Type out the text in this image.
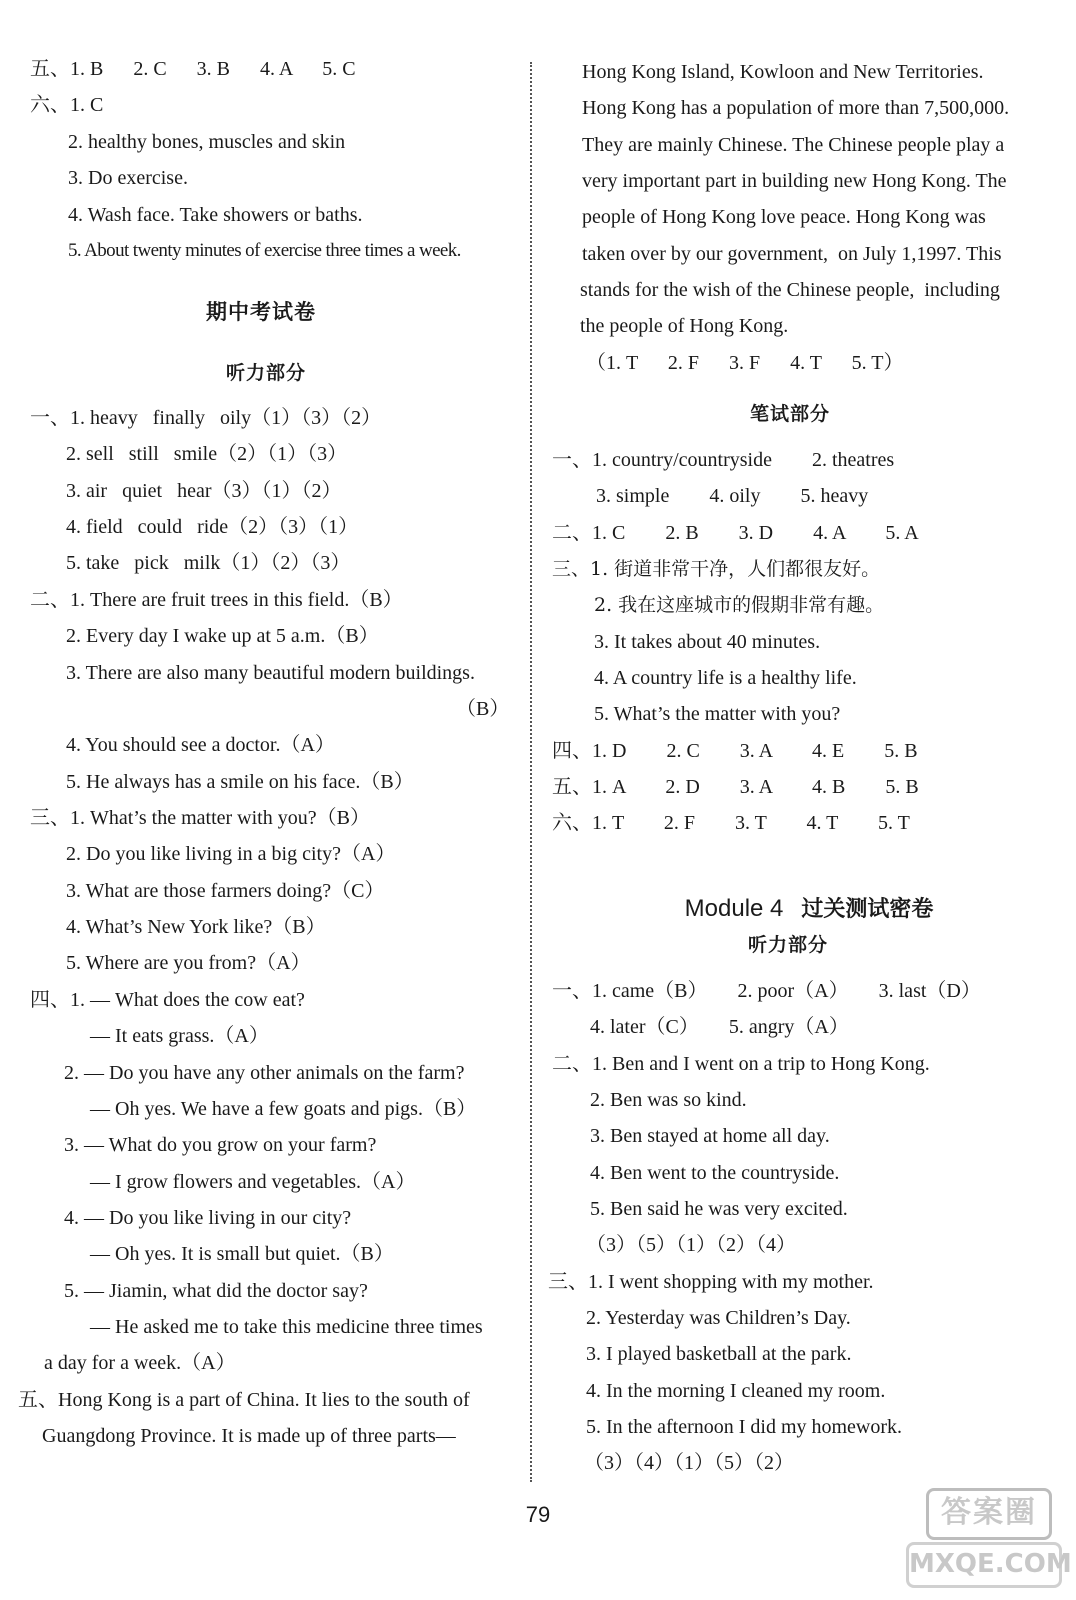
五、1. B      2. C      3. B      4. A      5. C
六、1. C
2. healthy bones, muscles and skin
3. Do exercise.
4. Wash face. Take showers or baths.
5. About twenty minutes of exercise three times a week.
期中考试卷
听力部分
一、1. heavy   finally   oily（1）（3）（2）
2. sell   still   smile（2）（1）（3）
3. air   quiet   hear（3）（1）（2）
4. field   could   ride（2）（3）（1）
5. take   pick   milk（1）（2）（3）
二、1. There are fruit trees in this field.（B）
2. Every day I wake up at 5 a.m.（B）
3. There are also many beautiful modern buildings.
（B）
4. You should see a doctor.（A）
5. He always has a smile on his face.（B）
三、1. What’s the matter with you?（B）
2. Do you like living in a big city?（A）
3. What are those farmers doing?（C）
4. What’s New York like?（B）
5. Where are you from?（A）
四、1. — What does the cow eat?
— It eats grass.（A）
2. — Do you have any other animals on the farm?
— Oh yes. We have a few goats and pigs.（B）
3. — What do you grow on your farm?
— I grow flowers and vegetables.（A）
4. — Do you like living in our city?
— Oh yes. It is small but quiet.（B）
5. — Jiamin, what did the doctor say?
— He asked me to take this medicine three times
a day for a week.（A）
五、Hong Kong is a part of China. It lies to the south of
Guangdong Province. It is made up of three parts—
Hong Kong Island, Kowloon and New Territories.
Hong Kong has a population of more than 7,500,000.
They are mainly Chinese. The Chinese people play a
very important part in building new Hong Kong. The
people of Hong Kong love peace. Hong Kong was
taken over by our government,  on July 1,1997. This
stands for the wish of the Chinese people,  including
the people of Hong Kong.
（1. T      2. F      3. F      4. T      5. T）
笔试部分
一、1. country/countryside        2. theatres
3. simple        4. oily        5. heavy
二、1. C        2. B        3. D        4. A        5. A
三、1. 街道非常干净，人们都很友好。
2. 我在这座城市的假期非常有趣。
3. It takes about 40 minutes.
4. A country life is a healthy life.
5. What’s the matter with you?
四、1. D        2. C        3. A        4. E        5. B
五、1. A        2. D        3. A        4. B        5. B
六、1. T        2. F        3. T        4. T        5. T

Module 4 过关测试密卷

听力部分
一、1. came（B）      2. poor（A）      3. last（D）
4. later（C）      5. angry（A）
二、1. Ben and I went on a trip to Hong Kong.
2. Ben was so kind.
3. Ben stayed at home all day.
4. Ben went to the countryside.
5. Ben said he was very excited.
（3）（5）（1）（2）（4）
三、1. I went shopping with my mother.
2. Yesterday was Children’s Day.
3. I played basketball at the park.
4. In the morning I cleaned my room.
5. In the afternoon I did my homework.
（3）（4）（1）（5）（2）
79	答案圈
MXQE.COM
